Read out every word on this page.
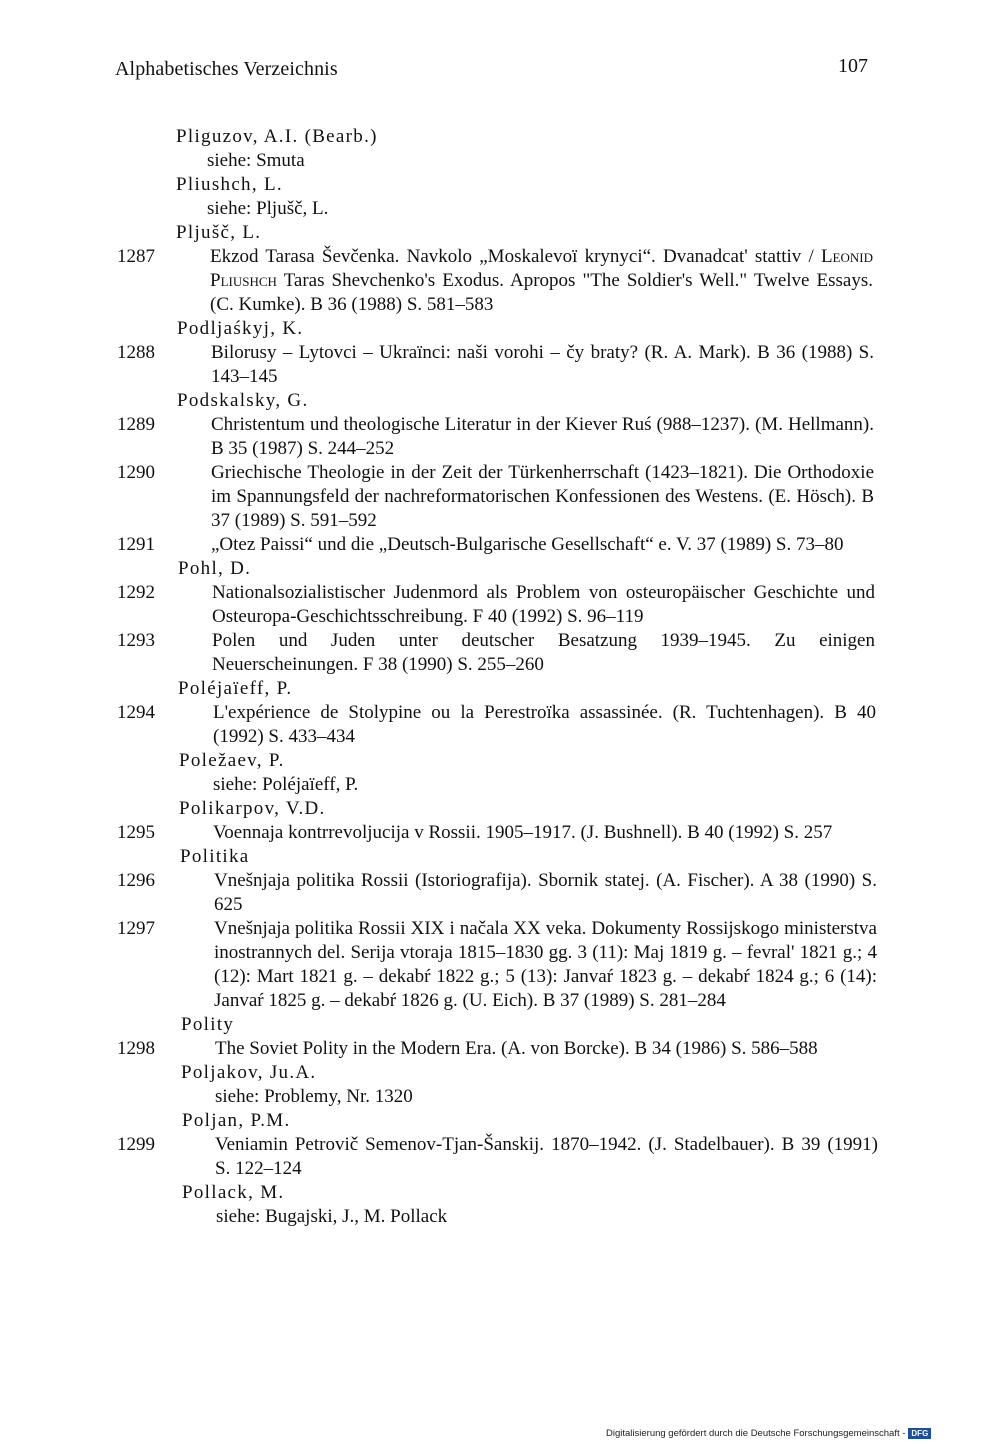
Alphabetisches Verzeichnis	107
Pliguzov, A.I. (Bearb.)
siehe: Smuta
Pliushch, L.
siehe: Pljušč, L.
Pljušč, L.
1287	Ekzod Tarasa Ševčenka. Navkolo „Moskalevoï krynyci“. Dvanadcat' stattiv / Leonid Pliushch Taras Shevchenko's Exodus. Apropos "The Soldier's Well." Twelve Essays. (C. Kumke). B 36 (1988) S. 581–583
Podljaśkyj, K.
1288	Bilorusy – Lytovci – Ukraïnci: naši vorohi – čy braty? (R. A. Mark). B 36 (1988) S. 143–145
Podskalsky, G.
1289	Christentum und theologische Literatur in der Kiever Ruś (988–1237). (M. Hellmann). B 35 (1987) S. 244–252
1290	Griechische Theologie in der Zeit der Türkenherrschaft (1423–1821). Die Orthodoxie im Spannungsfeld der nachreformatorischen Konfessionen des Westens. (E. Hösch). B 37 (1989) S. 591–592
1291	„Otez Paissi“ und die „Deutsch-Bulgarische Gesellschaft“ e. V. 37 (1989) S. 73–80
Pohl, D.
1292	Nationalsozialistischer Judenmord als Problem von osteuropäischer Geschichte und Osteuropa-Geschichtsschreibung. F 40 (1992) S. 96–119
1293	Polen und Juden unter deutscher Besatzung 1939–1945. Zu einigen Neuerscheinungen. F 38 (1990) S. 255–260
Poléjaïeff, P.
1294	L'expérience de Stolypine ou la Perestroïka assassinée. (R. Tuchtenhagen). B 40 (1992) S. 433–434
Poležaev, P.
siehe: Poléjaïeff, P.
Polikarpov, V.D.
1295	Voennaja kontrrevoljucija v Rossii. 1905–1917. (J. Bushnell). B 40 (1992) S. 257
Politika
1296	Vnešnjaja politika Rossii (Istoriografija). Sbornik statej. (A. Fischer). A 38 (1990) S. 625
1297	Vnešnjaja politika Rossii XIX i načala XX veka. Dokumenty Rossijskogo ministerstva inostrannych del. Serija vtoraja 1815–1830 gg. 3 (11): Maj 1819 g. – fevral' 1821 g.; 4 (12): Mart 1821 g. – dekabŕ 1822 g.; 5 (13): Janvaŕ 1823 g. – dekabŕ 1824 g.; 6 (14): Janvaŕ 1825 g. – dekabŕ 1826 g. (U. Eich). B 37 (1989) S. 281–284
Polity
1298	The Soviet Polity in the Modern Era. (A. von Borcke). B 34 (1986) S. 586–588
Poljakov, Ju.A.
siehe: Problemy, Nr. 1320
Poljan, P.M.
1299	Veniamin Petrovič Semenov-Tjan-Šanskij. 1870–1942. (J. Stadelbauer). B 39 (1991) S. 122–124
Pollack, M.
siehe: Bugajski, J., M. Pollack
Digitalisierung gefördert durch die Deutsche Forschungsgemeinschaft - DFG
